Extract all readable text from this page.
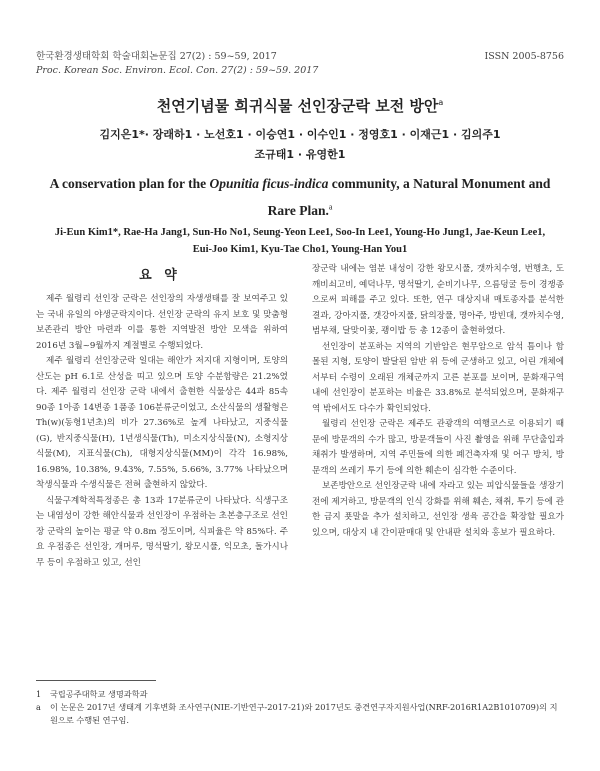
한국환경생태학회 학술대회논문집 27(2) : 59~59, 2017	ISSN 2005-8756
Proc. Korean Soc. Environ. Ecol. Con. 27(2) : 59~59. 2017
천연기념물 희귀식물 선인장군락 보전 방안$^a$
김지은1*· 장래하1 · 노선호1 · 이승연1 · 이수인1 · 정영호1 · 이재근1 · 김의주1
조규태1 · 유영한1
A conservation plan for the Opunitia ficus-indica community, a Natural Monument and Rare Plan.$^a$
Ji-Eun Kim1*, Rae-Ha Jang1, Sun-Ho No1, Seung-Yeon Lee1, Soo-In Lee1, Young-Ho Jung1, Jae-Keun Lee1,
Eui-Joo Kim1, Kyu-Tae Cho1, Young-Han You1
요 약

제주 월령리 선인장 군락은 선인장의 자생생태를 잘 보여주고 있는 국내 유일의 야생군락지이다. 선인장 군락의 유지 보호 및 맞춤형 보존관리 방안 마련과 이를 통한 지역발전 방안 모색을 위하여 2016년 3월~9월까지 계절별로 수행되었다.

제주 월령리 선인장군락 일대는 해안가 저지대 지형이며, 토양의 산도는 pH 6.1로 산성을 띠고 있으며 토양 수분함량은 21.2%였다. 제주 월령리 선인장 군락 내에서 출현한 식물상은 44과 85속 90종 1아종 14변종 1품종 106분류군이었고, 소산식물의 생활형은 Th(w)(동형1년초)의 비가 27.36%로 높게 나타났고, 지중식물(G), 반지중식물(H), 1년생식물(Th), 미소지상식물(N), 소형지상식물(M), 지표식물(Ch), 대형지상식물(MM)이 각각 16.98%, 16.98%, 10.38%, 9.43%, 7.55%, 5.66%, 3.77% 나타났으며 착생식물과 수생식물은 전혀 출현하지 않았다.

식물구계학적특정종은 총 13과 17분류군이 나타났다. 식생구조는 내염성이 강한 해안식물과 선인장이 우점하는 초본층구조로 선인장 군락의 높이는 평균 약 0.8m 정도이며, 식피율은 약 85%다. 주요 우점종은 선인장, 개머루, 명석딸기, 왕모시풀, 익모초, 돌가시나무 등이 우점하고 있고, 선인

장군락 내에는 염분 내성이 강한 왕모시풀, 갯까치수영, 번행초, 도깨비쇠고비, 예덕나무, 명석딸기, 순비기나무, 으름덩굴 등이 경쟁종으로써 피해를 주고 있다. 또한, 연구 대상지내 매토종자를 분석한 결과, 강아지풀, 갯강아지풀, 닭의장풀, 명아주, 방빈대, 갯까치수영, 범부채, 달맞이꽃, 괭이밥 등 총 12종이 출현하였다.

선인장이 분포하는 지역의 기반암은 현무암으로 암석 틈이나 함몰된 지형, 토양이 발달된 암반 위 등에 군생하고 있고, 어린 개체에서부터 수령이 오래된 개체군까지 고른 분포를 보이며, 문화재구역 내에 선인장이 분포하는 비율은 33.8%로 분석되었으며, 문화재구역 밖에서도 다수가 확인되었다.

월령리 선인장 군락은 제주도 관광객의 여행코스로 이용되기 때문에 방문객의 수가 많고, 방문객들이 사진 촬영을 위해 무단출입과 채취가 발생하며, 지역 주민들에 의한 폐건축자재 및 어구 방치, 방문객의 쓰레기 투기 등에 의한 훼손이 심각한 수준이다.

보존방안으로 선인장군락 내에 자라고 있는 피압식물들을 생장기 전에 제거하고, 방문객의 인식 강화를 위해 훼손, 채취, 투기 등에 관한 금지 푯말을 추가 설치하고, 선인장 생육 공간을 확장할 필요가 있으며, 대상지 내 간이판매대 및 안내판 설치와 홍보가 필요하다.

1	국립공주대학교 생명과학과
a	이 논문은 2017년 생태계 기후변화 조사연구(NIE-기반연구-2017-21)와 2017년도 중견연구자지원사업(NRF-2016R1A2B1010709)의 지원으로 수행된 연구임.
